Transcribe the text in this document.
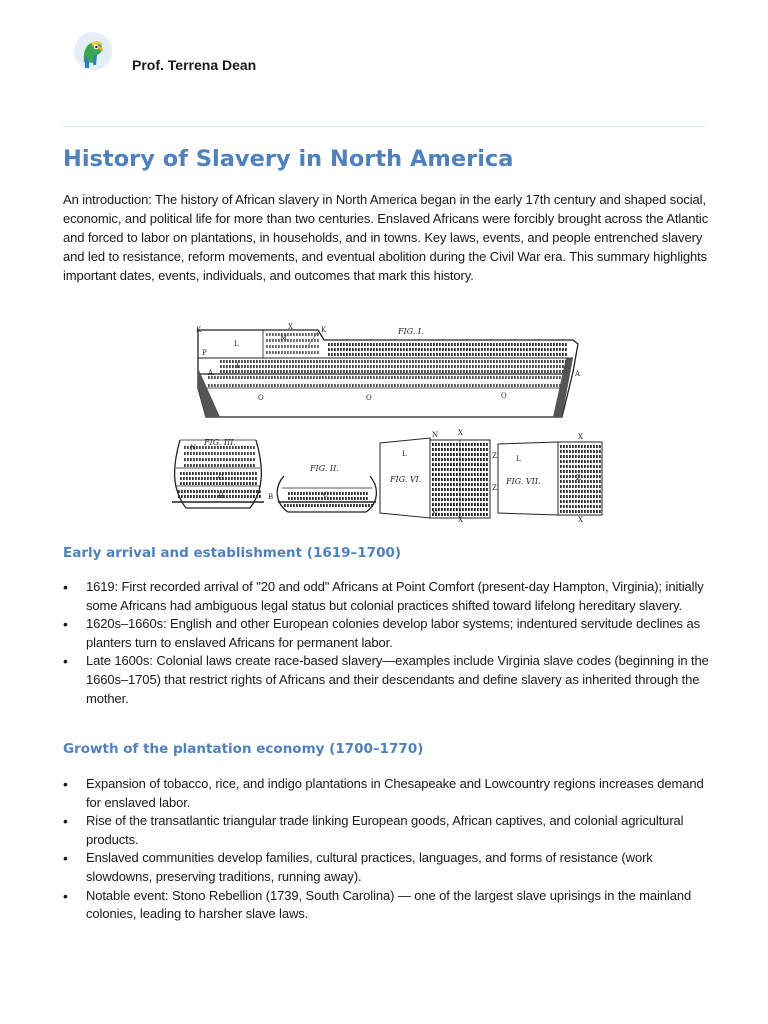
Prof. Terrena Dean
History of Slavery in North America

An introduction: The history of African slavery in North America began in the early 17th century and shaped social, economic, and political life for more than two centuries. Enslaved Africans were forcibly brought across the Atlantic and forced to labor on plantations, in households, and in towns. Key laws, events, and people entrenched slavery and led to resistance, reform movements, and eventual abolition during the Civil War era. This summary highlights important dates, events, individuals, and outcomes that mark this history.

FIG. I.
FIG. III.
FIG. II.
FIG. VI.	FIG. VII.
L
O	O	O
X	K
K
P
A	A
I
M
N
G
H	B	C
L
L
N	X
Z
Z
X
N
X
Z
X
Early arrival and establishment (1619–1700)
• 1619: First recorded arrival of "20 and odd" Africans at Point Comfort (present-day Hampton, Virginia); initially some Africans had ambiguous legal status but colonial practices shifted toward lifelong hereditary slavery.
• 1620s–1660s: English and other European colonies develop labor systems; indentured servitude declines as planters turn to enslaved Africans for permanent labor.
• Late 1600s: Colonial laws create race-based slavery—examples include Virginia slave codes (beginning in the 1660s–1705) that restrict rights of Africans and their descendants and define slavery as inherited through the mother.
Growth of the plantation economy (1700–1770)
• Expansion of tobacco, rice, and indigo plantations in Chesapeake and Lowcountry regions increases demand for enslaved labor.
• Rise of the transatlantic triangular trade linking European goods, African captives, and colonial agricultural products.
• Enslaved communities develop families, cultural practices, languages, and forms of resistance (work slowdowns, preserving traditions, running away).
• Notable event: Stono Rebellion (1739, South Carolina) — one of the largest slave uprisings in the mainland colonies, leading to harsher slave laws.
